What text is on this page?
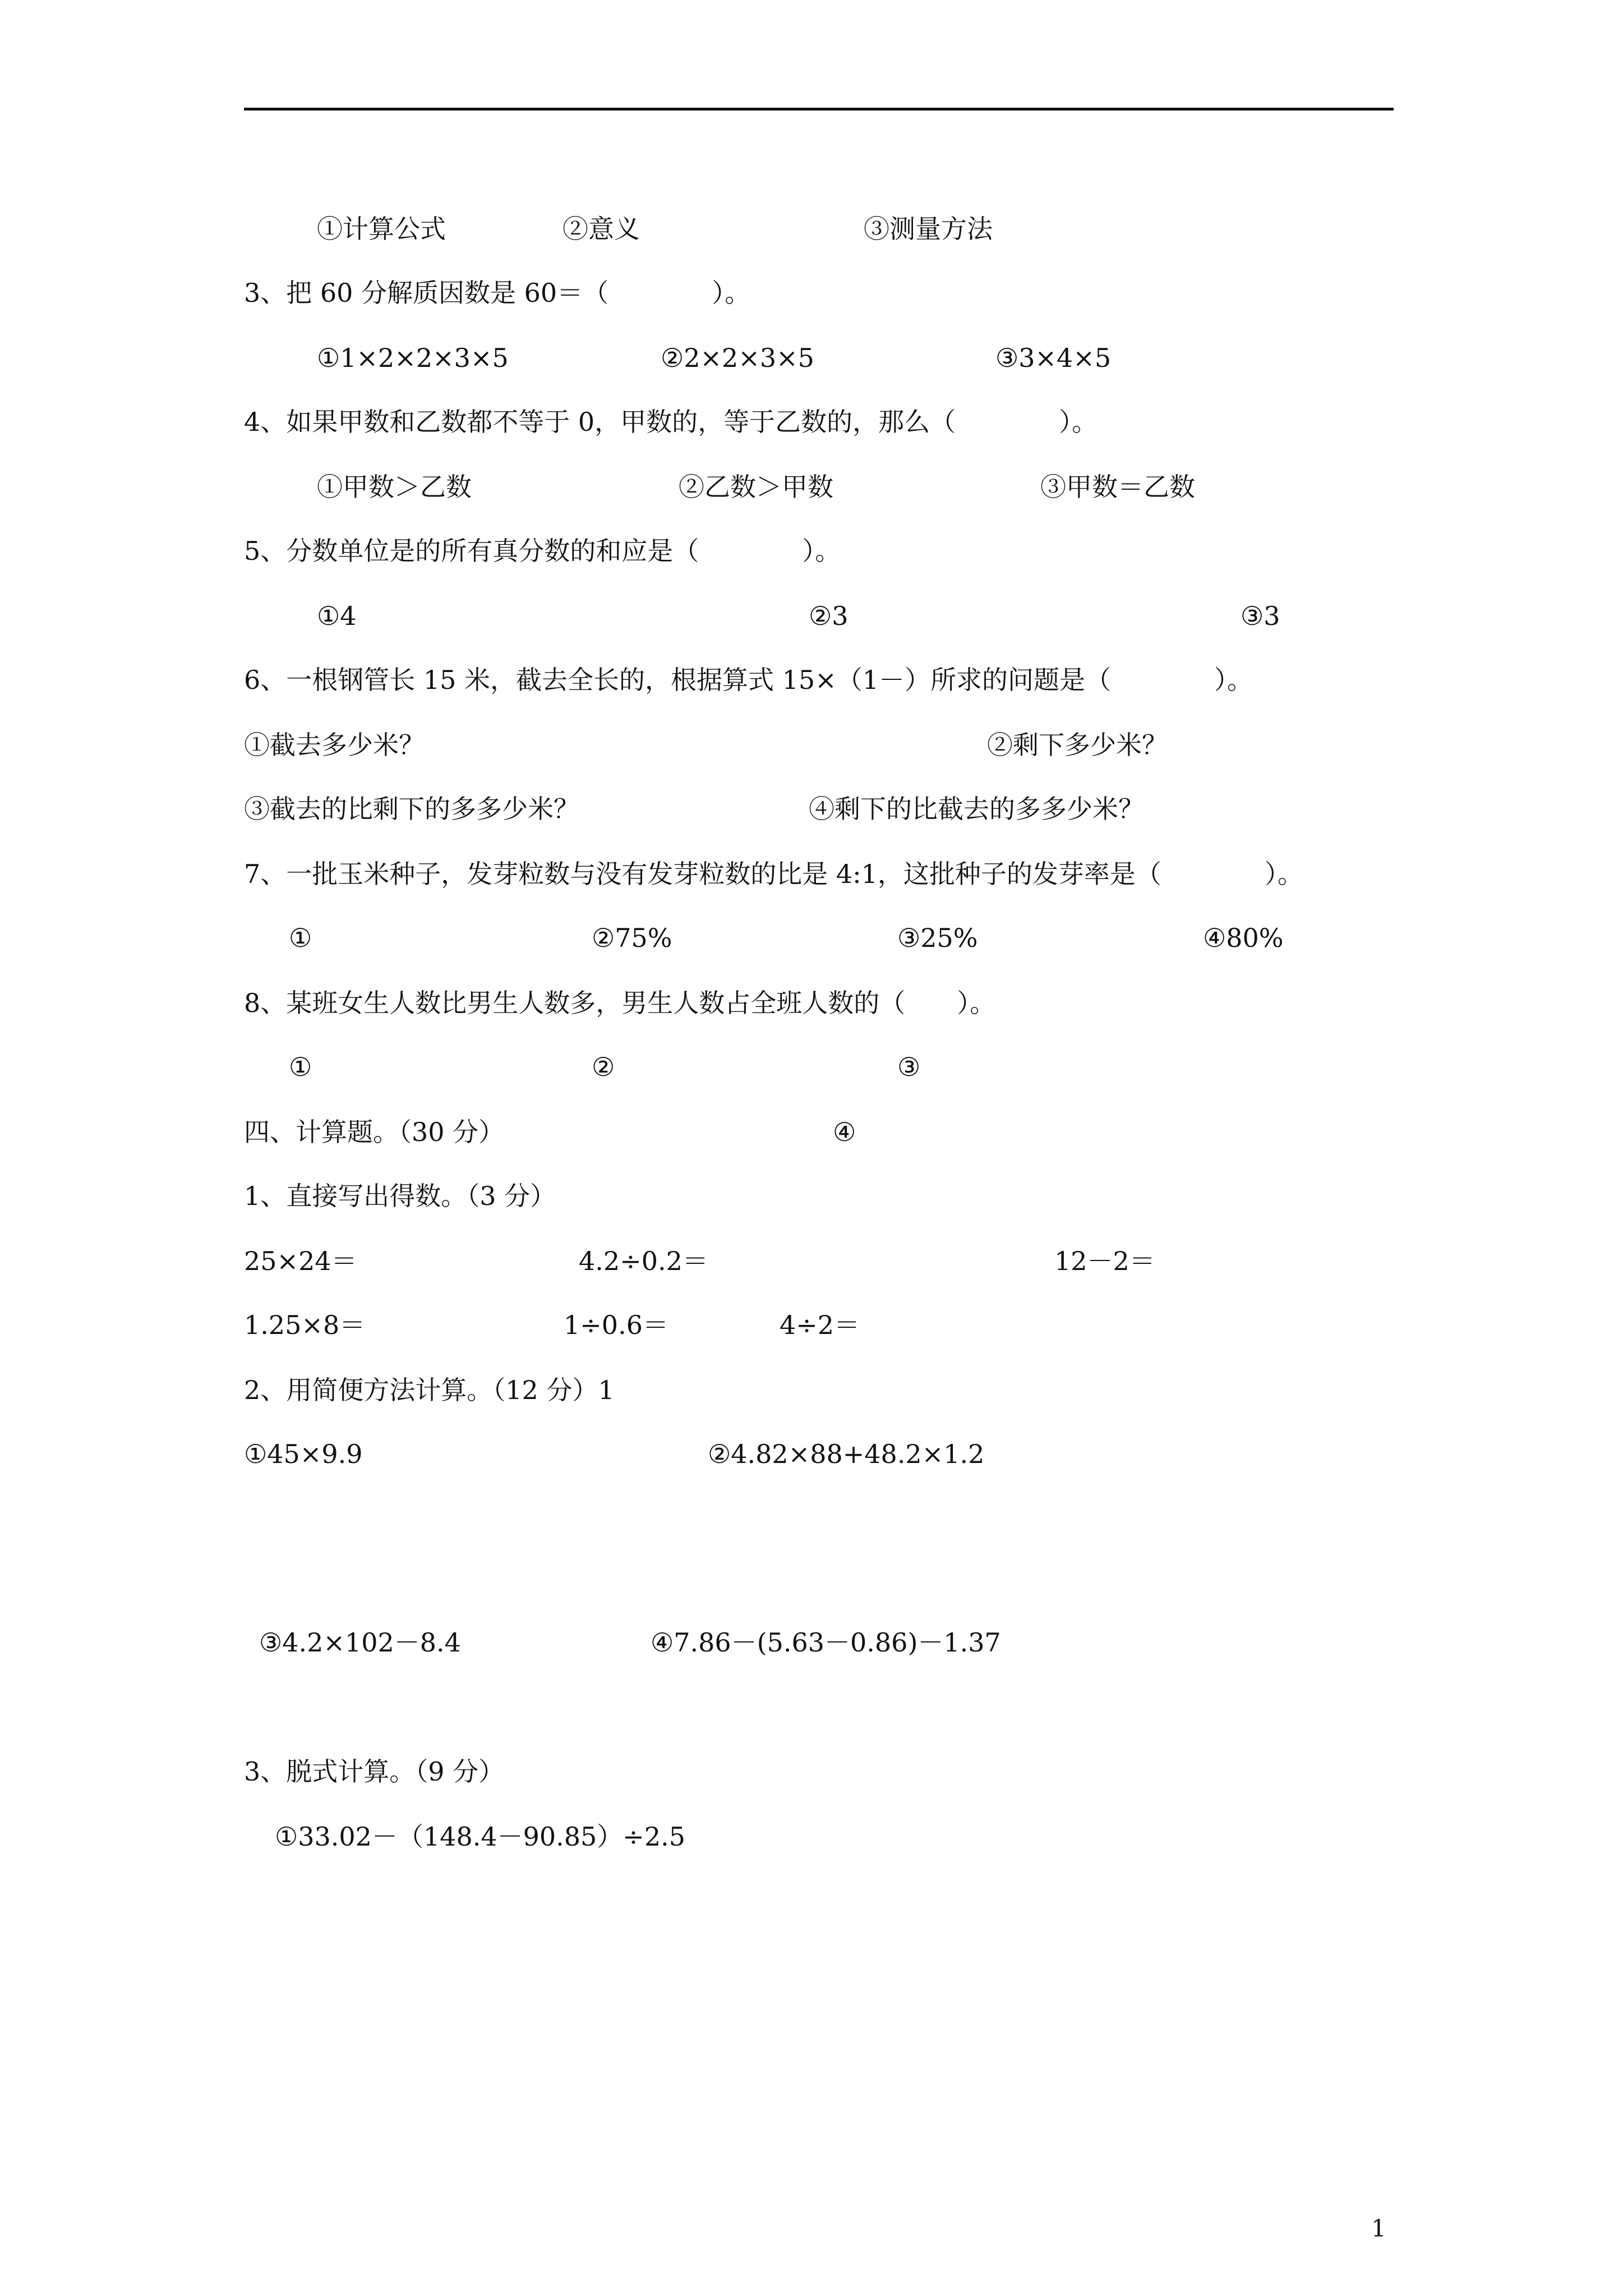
①计算公式	②意义	③测量方法
3、把 60 分解质因数是 60＝（　　　　）。
①1×2×2×3×5	②2×2×3×5	③3×4×5
4、如果甲数和乙数都不等于 0，甲数的，等于乙数的，那么（　　　　）。
①甲数＞乙数	②乙数＞甲数	③甲数＝乙数
5、分数单位是的所有真分数的和应是（　　　　）。
①4	②3	③3
6、一根钢管长 15 米，截去全长的，根据算式 15×（1－）所求的问题是（　　　　）。
①截去多少米？	②剩下多少米？
③截去的比剩下的多多少米？	④剩下的比截去的多多少米？
7、一批玉米种子，发芽粒数与没有发芽粒数的比是 4:1，这批种子的发芽率是（　　　　）。
①	②75%	③25%	④80%
8、某班女生人数比男生人数多，男生人数占全班人数的（　　）。
①	②	③
四、计算题。（30 分）	④
1、直接写出得数。（3 分）
25×24＝	4.2÷0.2＝	12－2＝
1.25×8＝	1÷0.6＝	4÷2＝
2、用简便方法计算。（12 分）1
①45×9.9	②4.82×88+48.2×1.2
③4.2×102－8.4	④7.86－(5.63－0.86)－1.37
3、脱式计算。（9 分）
①33.02－（148.4－90.85）÷2.5
1
